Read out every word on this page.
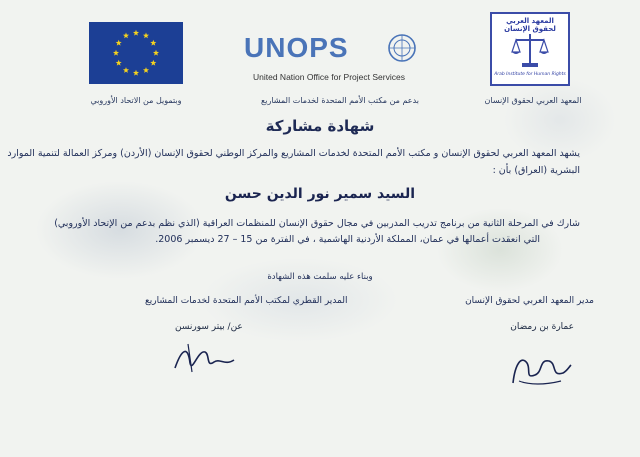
وبتمويل من الاتحاد الأوروبي
UNOPS
United Nation Office for Project Services
بدعم من مكتب الأمم المتحدة لخدمات المشاريع
المعهد العربي لحقوق الإنسان
Arab Institute for Human Rights
المعهد العربي لحقوق الإنسان
شهادة مشاركة
يشهد المعهد العربي لحقوق الإنسان و مكتب الأمم المتحدة لخدمات المشاريع والمركز الوطني لحقوق الإنسان (الأردن) ومركز العمالة لتنمية الموارد
البشرية (العراق) بأن :
السيد سمير نور الدين حسن
شارك في المرحلة الثانية من برنامج تدريب المدربين في مجال حقوق الإنسان للمنظمات العراقية (الذي نظم بدعم من الإتحاد الأوروبي)
التي انعقدت أعمالها في عمان، المملكة الأردنية الهاشمية ، في الفترة من 15 – 27 ديسمبر 2006.
وبناء عليه سلمت هذه الشهادة
المدير القطري لمكتب الأمم المتحدة لخدمات المشاريع
عن/ بيتر سورنسن
مدير المعهد العربي لحقوق الإنسان
عمارة بن رمضان
